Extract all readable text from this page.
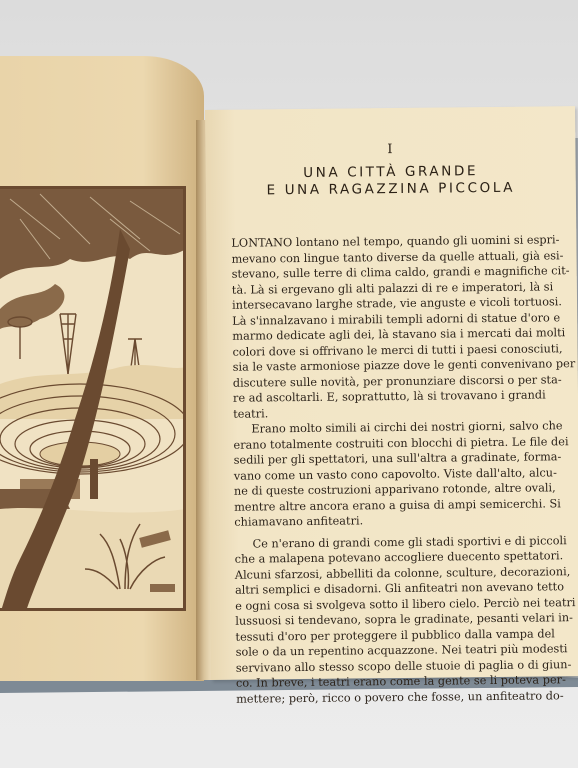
I
UNA CITTÀ GRANDE
E UNA RAGAZZINA PICCOLA

LONTANO lontano nel tempo, quando gli uomini si espri-
mevano con lingue tanto diverse da quelle attuali, già esi-
stevano, sulle terre di clima caldo, grandi e magnifiche cit-
tà. Là si ergevano gli alti palazzi di re e imperatori, là si
intersecavano larghe strade, vie anguste e vicoli tortuosi.
Là s'innalzavano i mirabili templi adorni di statue d'oro e
marmo dedicate agli dei, là stavano sia i mercati dai molti
colori dove si offrivano le merci di tutti i paesi conosciuti,
sia le vaste armoniose piazze dove le genti convenivano per
discutere sulle novità, per pronunziare discorsi o per sta-
re ad ascoltarli. E, soprattutto, là si trovavano i grandi
teatri.

Erano molto simili ai circhi dei nostri giorni, salvo che
erano totalmente costruiti con blocchi di pietra. Le file dei
sedili per gli spettatori, una sull'altra a gradinate, forma-
vano come un vasto cono capovolto. Viste dall'alto, alcu-
ne di queste costruzioni apparivano rotonde, altre ovali,
mentre altre ancora erano a guisa di ampi semicerchi. Si
chiamavano anfiteatri.

Ce n'erano di grandi come gli stadi sportivi e di piccoli
che a malapena potevano accogliere duecento spettatori.
Alcuni sfarzosi, abbelliti da colonne, sculture, decorazioni,
altri semplici e disadorni. Gli anfiteatri non avevano tetto
e ogni cosa si svolgeva sotto il libero cielo. Perciò nei teatri
lussuosi si tendevano, sopra le gradinate, pesanti velari in-
tessuti d'oro per proteggere il pubblico dalla vampa del
sole o da un repentino acquazzone. Nei teatri più modesti
servivano allo stesso scopo delle stuoie di paglia o di giun-
co. In breve, i teatri erano come la gente se li poteva per-
mettere; però, ricco o povero che fosse, un anfiteatro do-
